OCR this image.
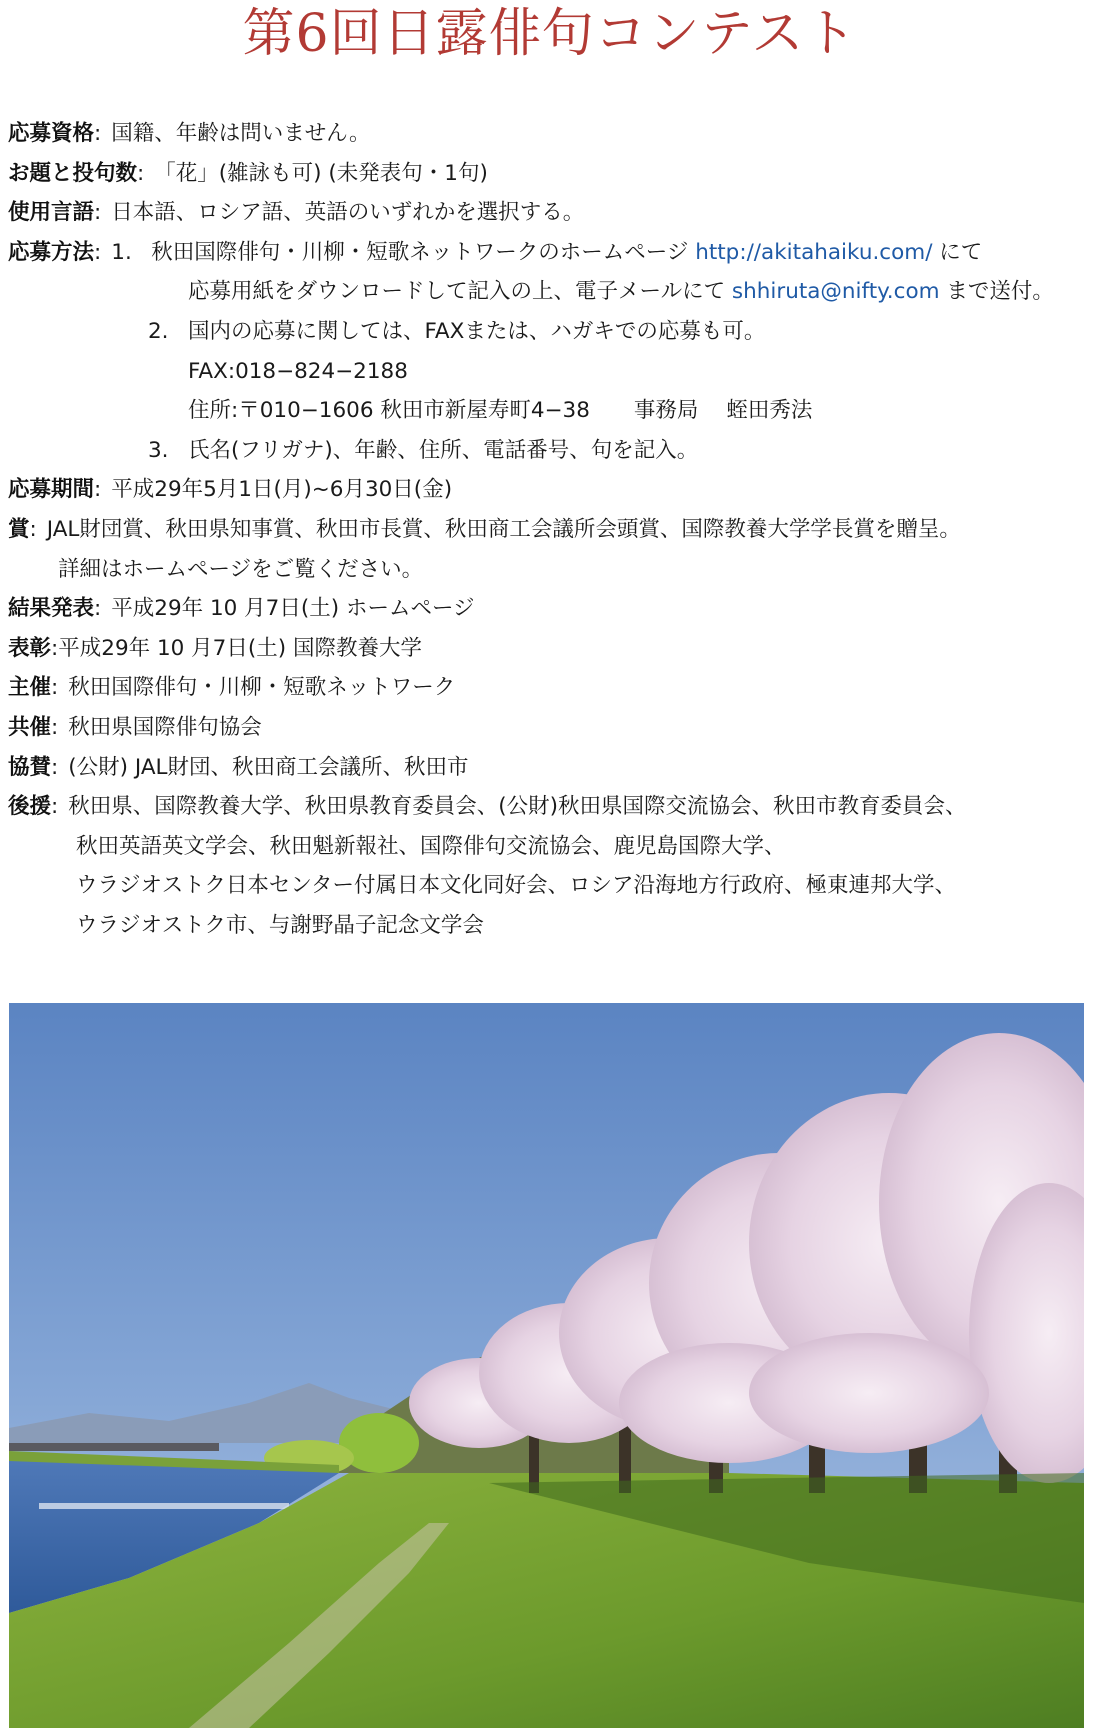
第6回日露俳句コンテスト
応募資格: 国籍、年齢は問いません。
お題と投句数: 「花」(雑詠も可) (未発表句・1句)
使用言語: 日本語、ロシア語、英語のいずれかを選択する。
応募方法: 1. 秋田国際俳句・川柳・短歌ネットワークのホームページ http://akitahaiku.com/ にて
応募用紙をダウンロードして記入の上、電子メールにて shhiruta@nifty.com まで送付。
2. 国内の応募に関しては、FAXまたは、ハガキでの応募も可。
FAX:018−824−2188
住所:〒010−1606 秋田市新屋寿町4−38 事務局 蛭田秀法
3. 氏名(フリガナ)、年齢、住所、電話番号、句を記入。
応募期間: 平成29年5月1日(月)~6月30日(金)
賞: JAL財団賞、秋田県知事賞、秋田市長賞、秋田商工会議所会頭賞、国際教養大学学長賞を贈呈。
詳細はホームページをご覧ください。
結果発表: 平成29年 10 月7日(土) ホームページ
表彰:平成29年 10 月7日(土) 国際教養大学
主催: 秋田国際俳句・川柳・短歌ネットワーク
共催: 秋田県国際俳句協会
協賛: (公財) JAL財団、秋田商工会議所、秋田市
後援: 秋田県、国際教養大学、秋田県教育委員会、(公財)秋田県国際交流協会、秋田市教育委員会、
秋田英語英文学会、秋田魁新報社、国際俳句交流協会、鹿児島国際大学、
ウラジオストク日本センター付属日本文化同好会、ロシア沿海地方行政府、極東連邦大学、
ウラジオストク市、与謝野晶子記念文学会
